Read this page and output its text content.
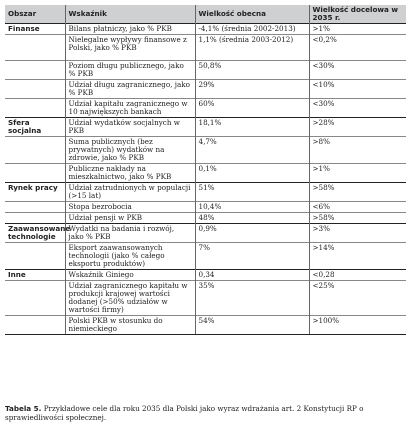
Obszar	Wskaźnik	Wielkość obecna	Wielkość docelowa w 2035 r.
Finanse	Bilans płatniczy, jako % PKB	-4,1% (średnia 2002-2013)	>1%
	Nielegalne wypływy finansowe z Polski, jako % PKB	1,1% (średnia 2003-2012)	<0,2%
	Poziom długu publicznego, jako % PKB	50,8%	<30%
	Udział długu zagranicznego, jako % PKB	29%	<10%
	Udział kapitału zagranicznego w 10 największych bankach	60%	<30%
Sfera socjalna	Udział wydatków socjalnych w PKB	18,1%	>28%
	Suma publicznych (bez prywatnych) wydatków na zdrowie, jako % PKB	4,7%	>8%
	Publiczne nakłady na mieszkalnictwo, jako % PKB	0,1%	>1%
Rynek pracy	Udział zatrudnionych w populacji (>15 lat)	51%	>58%
	Stopa bezrobocia	10,4%	<6%
	Udział pensji w PKB	48%	>58%
Zaawansowane technologie	Wydatki na badania i rozwój, jako % PKB	0,9%	>3%
	Eksport zaawansowanych technologii (jako % całego eksportu produktów)	7%	>14%
Inne	Wskaźnik Giniego	0,34	<0,28
	Udział zagranicznego kapitału w produkcji krajowej wartości dodanej (>50% udziałów w wartości firmy)	35%	<25%
	Polski PKB w stosunku do niemieckiego	54%	>100%
Tabela 5. Przykładowe cele dla roku 2035 dla Polski jako wyraz wdrażania art. 2 Konstytucji RP o sprawiedliwości społecznej.
